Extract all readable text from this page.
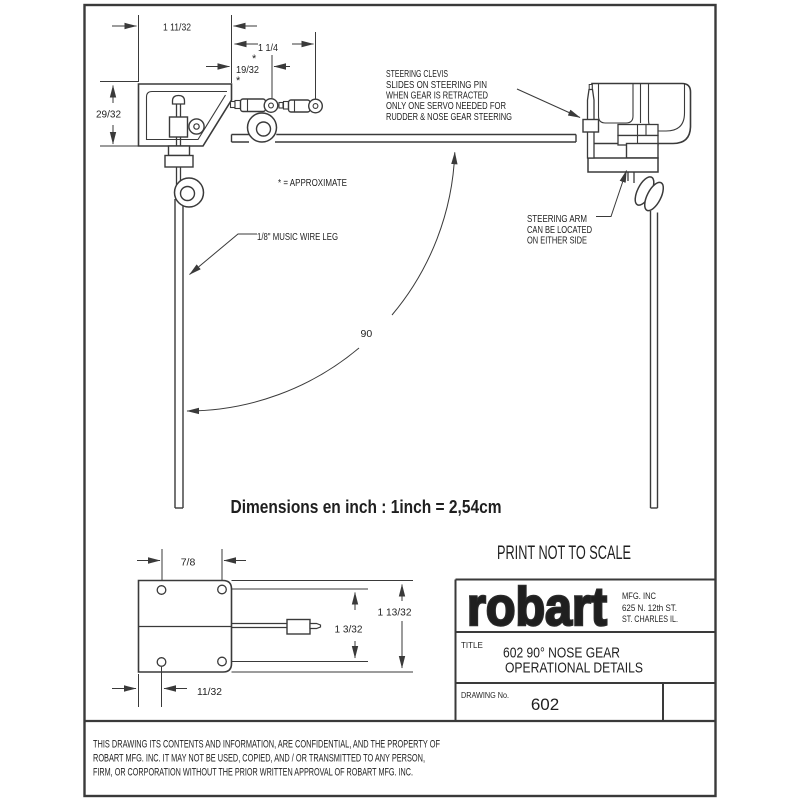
1 11/32
1 1/4
*
19/32
*
29/32
90
STEERING CLEVIS
SLIDES ON STEERING PIN
WHEN GEAR IS RETRACTED
ONLY ONE SERVO NEEDED FOR
RUDDER & NOSE GEAR STEERING
* = APPROXIMATE
1/8" MUSIC WIRE LEG
STEERING ARM
CAN BE LOCATED
ON EITHER SIDE
Dimensions en inch : 1inch = 2,54cm
PRINT NOT TO SCALE
7/8
11/32
1 3/32
1 13/32 robart MFG. INC
625 N. 12th ST.
ST. CHARLES IL.
TITLE 602 90° NOSE GEAR
OPERATIONAL DETAILS
DRAWING No. 602
THIS DRAWING ITS CONTENTS AND INFORMATION, ARE CONFIDENTIAL, AND THE PROPERTY OF
ROBART MFG. INC. IT MAY NOT BE USED, COPIED, AND / OR TRANSMITTED TO ANY PERSON,
FIRM, OR CORPORATION WITHOUT THE PRIOR WRITTEN APPROVAL OF ROBART MFG. INC.
